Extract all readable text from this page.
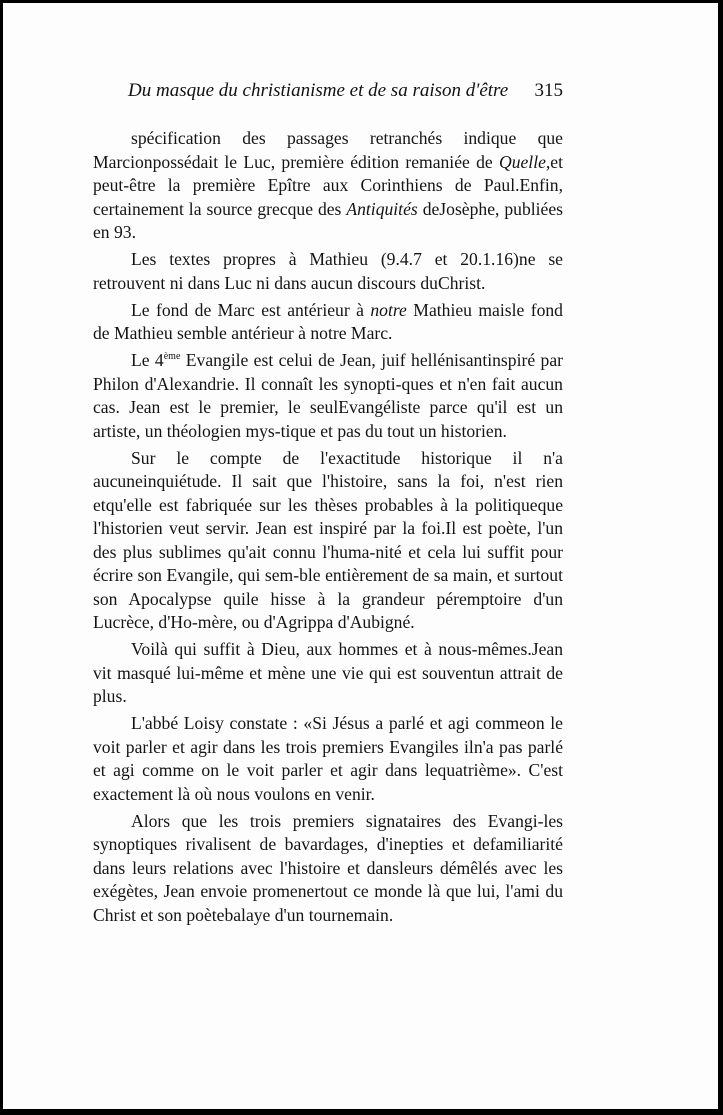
Du masque du christianisme et de sa raison d'être 315
spécification des passages retranchés indique que Marcionpossédait le Luc, première édition remaniée de Quelle,et peut-être la première Epître aux Corinthiens de Paul.Enfin, certainement la source grecque des Antiquités deJosèphe, publiées en 93.
Les textes propres à Mathieu (9.4.7 et 20.1.16)ne se retrouvent ni dans Luc ni dans aucun discours duChrist.
Le fond de Marc est antérieur à notre Mathieu maisle fond de Mathieu semble antérieur à notre Marc.
Le 4ème Evangile est celui de Jean, juif hellénisantinspiré par Philon d'Alexandrie. Il connaît les synopti-ques et n'en fait aucun cas. Jean est le premier, le seulEvangéliste parce qu'il est un artiste, un théologien mys-tique et pas du tout un historien.
Sur le compte de l'exactitude historique il n'a aucuneinquiétude. Il sait que l'histoire, sans la foi, n'est rien etqu'elle est fabriquée sur les thèses probables à la politiqueque l'historien veut servir. Jean est inspiré par la foi.Il est poète, l'un des plus sublimes qu'ait connu l'huma-nité et cela lui suffit pour écrire son Evangile, qui sem-ble entièrement de sa main, et surtout son Apocalypse quile hisse à la grandeur péremptoire d'un Lucrèce, d'Ho-mère, ou d'Agrippa d'Aubigné.
Voilà qui suffit à Dieu, aux hommes et à nous-mêmes.Jean vit masqué lui-même et mène une vie qui est souventun attrait de plus.
L'abbé Loisy constate : «Si Jésus a parlé et agi commeon le voit parler et agir dans les trois premiers Evangiles iln'a pas parlé et agi comme on le voit parler et agir dans lequatrième». C'est exactement là où nous voulons en venir.
Alors que les trois premiers signataires des Evangi-les synoptiques rivalisent de bavardages, d'inepties et defamiliarité dans leurs relations avec l'histoire et dansleurs démêlés avec les exégètes, Jean envoie promenertout ce monde là que lui, l'ami du Christ et son poètebalaye d'un tournemain.
